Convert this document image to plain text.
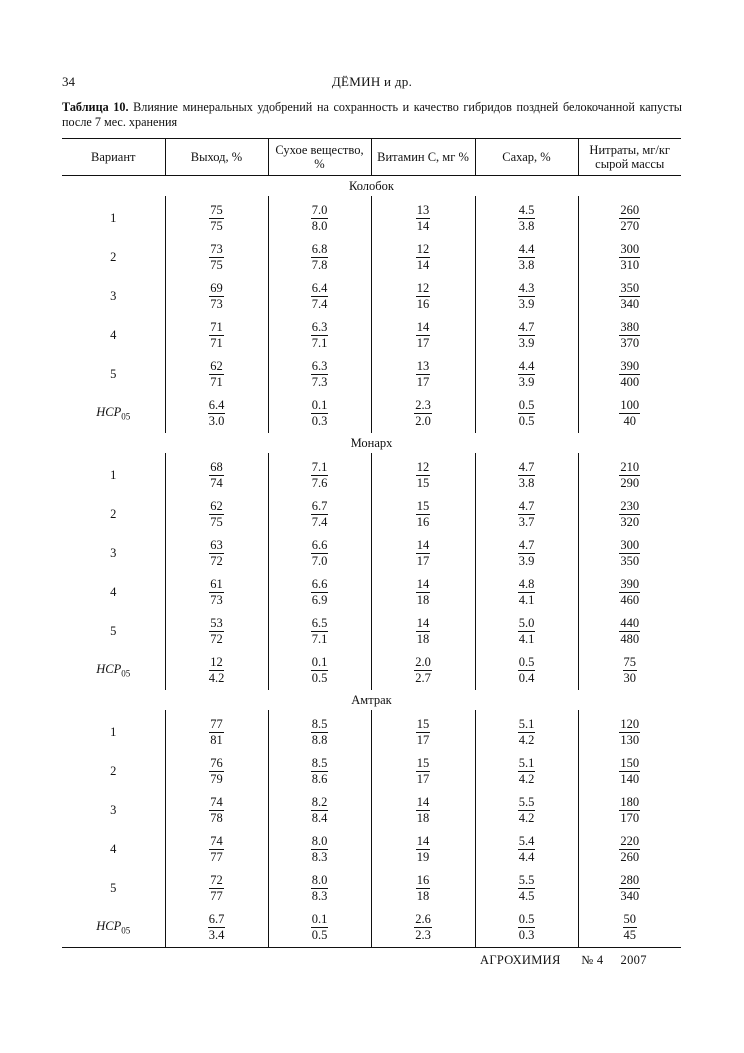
34	ДЁМИН и др.
Таблица 10. Влияние минеральных удобрений на сохранность и качество гибридов поздней белокочанной капусты после 7 мес. хранения
Вариант	Выход, %	Сухое вещество, %	Витамин С, мг %	Сахар, %	Нитраты, мг/кг сырой массы
Колобок					
1	$\frac{75}{75}$	$\frac{7.0}{8.0}$	$\frac{13}{14}$	$\frac{4.5}{3.8}$	$\frac{260}{270}$

2	$\frac{73}{75}$	$\frac{6.8}{7.8}$	$\frac{12}{14}$	$\frac{4.4}{3.8}$	$\frac{300}{310}$

3	$\frac{69}{73}$	$\frac{6.4}{7.4}$	$\frac{12}{16}$	$\frac{4.3}{3.9}$	$\frac{350}{340}$

4	$\frac{71}{71}$	$\frac{6.3}{7.1}$	$\frac{14}{17}$	$\frac{4.7}{3.9}$	$\frac{380}{370}$

5	$\frac{62}{71}$	$\frac{6.3}{7.3}$	$\frac{13}{17}$	$\frac{4.4}{3.9}$	$\frac{390}{400}$

$HCP_{05}$	$\frac{6.4}{3.0}$	$\frac{0.1}{0.3}$	$\frac{2.3}{2.0}$	$\frac{0.5}{0.5}$	$\frac{100}{40}$

Монарх					
1	$\frac{68}{74}$	$\frac{7.1}{7.6}$	$\frac{12}{15}$	$\frac{4.7}{3.8}$	$\frac{210}{290}$

2	$\frac{62}{75}$	$\frac{6.7}{7.4}$	$\frac{15}{16}$	$\frac{4.7}{3.7}$	$\frac{230}{320}$

3	$\frac{63}{72}$	$\frac{6.6}{7.0}$	$\frac{14}{17}$	$\frac{4.7}{3.9}$	$\frac{300}{350}$

4	$\frac{61}{73}$	$\frac{6.6}{6.9}$	$\frac{14}{18}$	$\frac{4.8}{4.1}$	$\frac{390}{460}$

5	$\frac{53}{72}$	$\frac{6.5}{7.1}$	$\frac{14}{18}$	$\frac{5.0}{4.1}$	$\frac{440}{480}$

$HCP_{05}$	$\frac{12}{4.2}$	$\frac{0.1}{0.5}$	$\frac{2.0}{2.7}$	$\frac{0.5}{0.4}$	$\frac{75}{30}$

Амтрак					
1	$\frac{77}{81}$	$\frac{8.5}{8.8}$	$\frac{15}{17}$	$\frac{5.1}{4.2}$	$\frac{120}{130}$

2	$\frac{76}{79}$	$\frac{8.5}{8.6}$	$\frac{15}{17}$	$\frac{5.1}{4.2}$	$\frac{150}{140}$

3	$\frac{74}{78}$	$\frac{8.2}{8.4}$	$\frac{14}{18}$	$\frac{5.5}{4.2}$	$\frac{180}{170}$

4	$\frac{74}{77}$	$\frac{8.0}{8.3}$	$\frac{14}{19}$	$\frac{5.4}{4.4}$	$\frac{220}{260}$

5	$\frac{72}{77}$	$\frac{8.0}{8.3}$	$\frac{16}{18}$	$\frac{5.5}{4.5}$	$\frac{280}{340}$

$HCP_{05}$	$\frac{6.7}{3.4}$	$\frac{0.1}{0.5}$	$\frac{2.6}{2.3}$	$\frac{0.5}{0.3}$	$\frac{50}{45}$
АГРОХИМИЯ № 4 2007
